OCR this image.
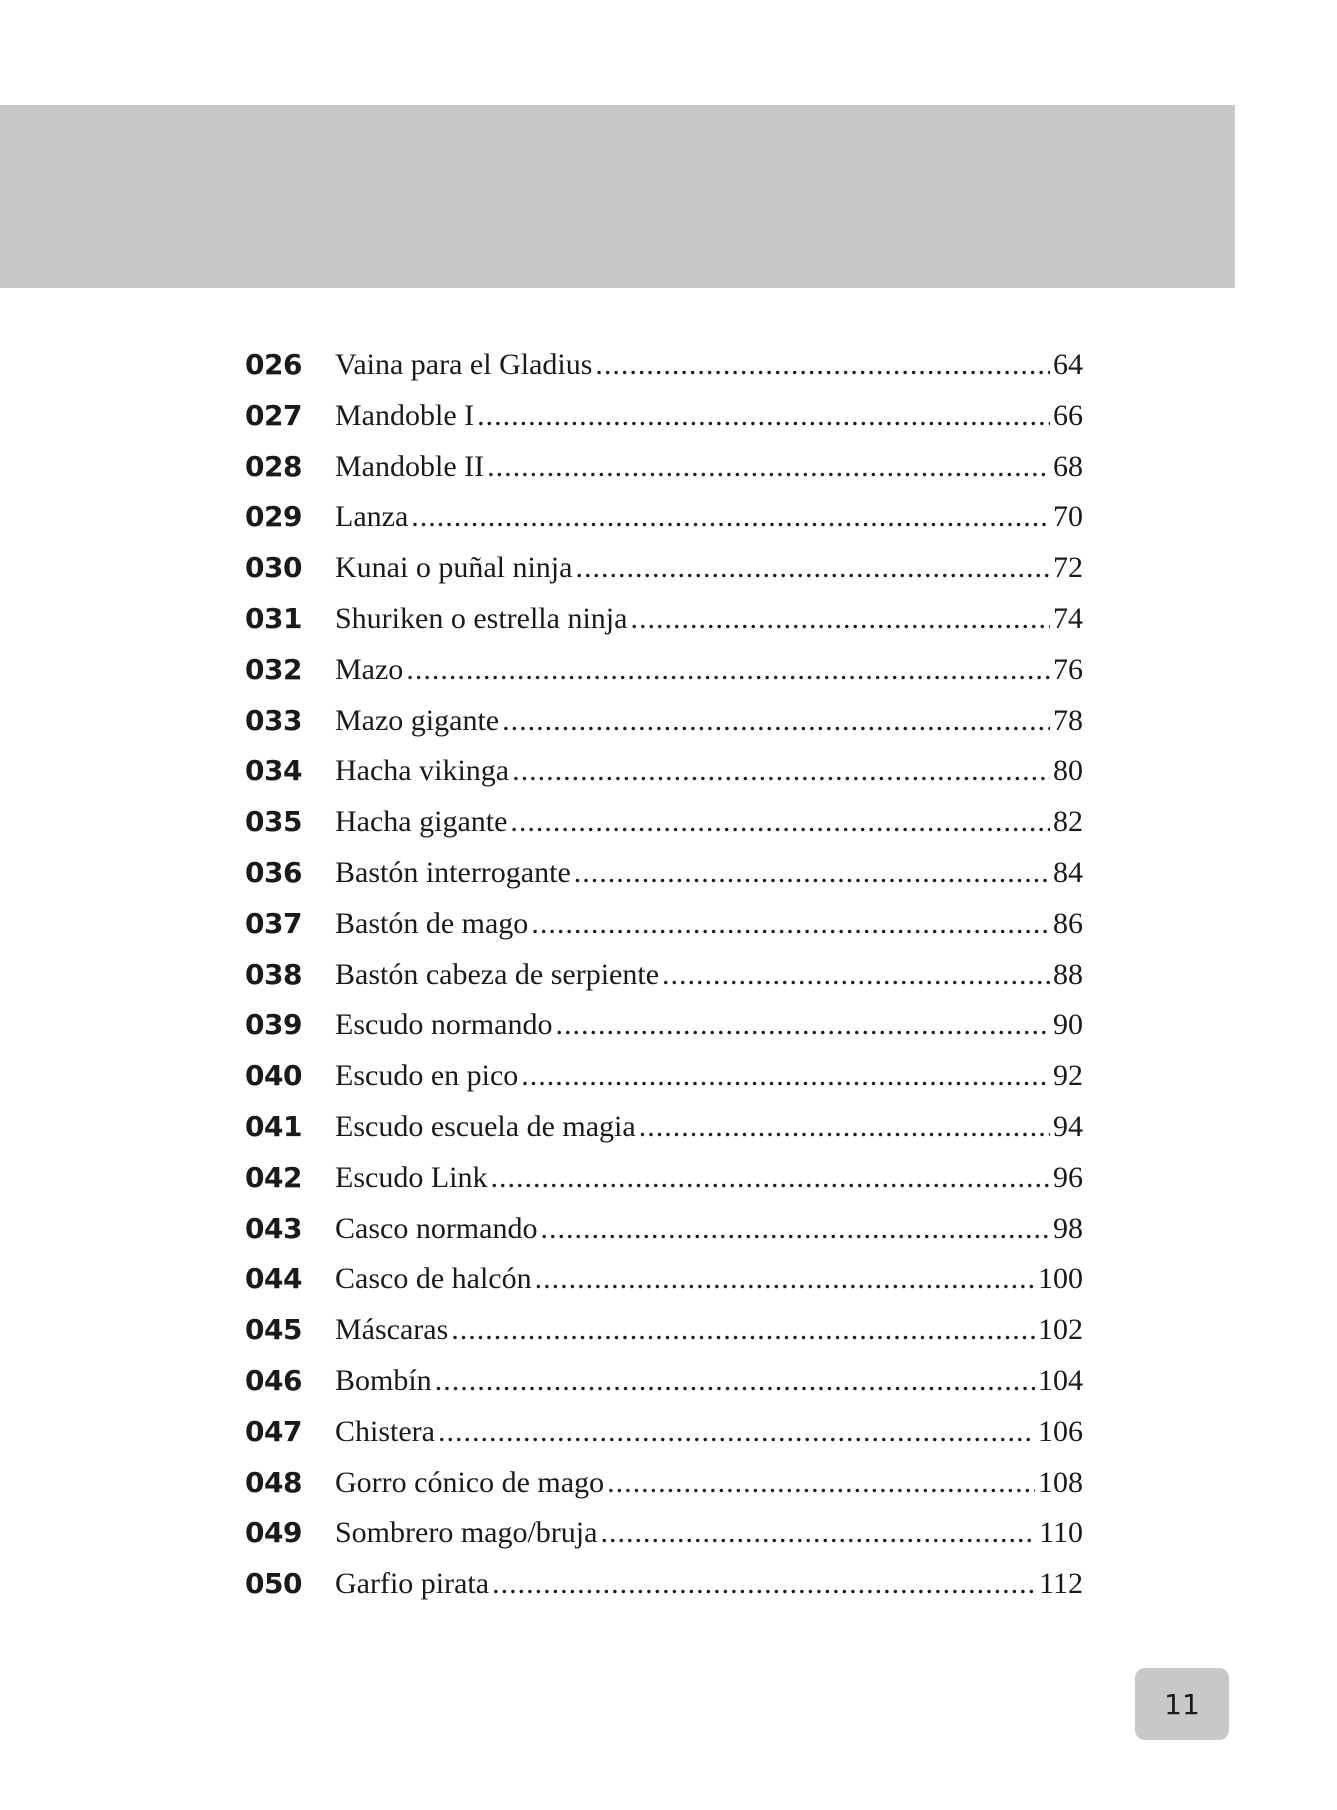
026	Vaina para el Gladius .....	64
027	Mandoble I .....	66
028	Mandoble II .....	68
029	Lanza .....	70
030	Kunai o puñal ninja .....	72
031	Shuriken o estrella ninja .....	74
032	Mazo .....	76
033	Mazo gigante .....	78
034	Hacha vikinga .....	80
035	Hacha gigante .....	82
036	Bastón interrogante .....	84
037	Bastón de mago .....	86
038	Bastón cabeza de serpiente .....	88
039	Escudo normando .....	90
040	Escudo en pico .....	92
041	Escudo escuela de magia .....	94
042	Escudo Link .....	96
043	Casco normando .....	98
044	Casco de halcón .....	100
045	Máscaras .....	102
046	Bombín .....	104
047	Chistera .....	106
048	Gorro cónico de mago .....	108
049	Sombrero mago/bruja .....	110
050	Garfio pirata .....	112
11
